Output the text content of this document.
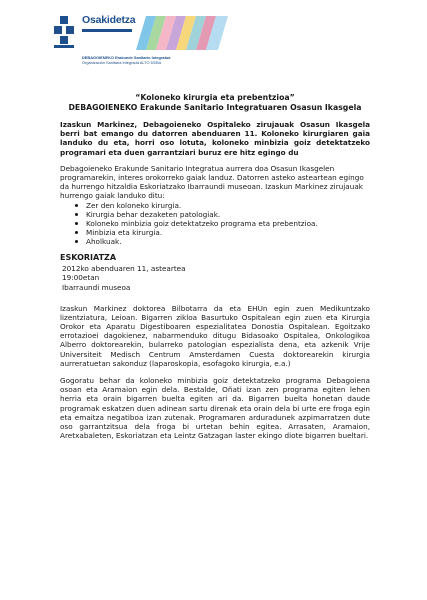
Osakidetza
DEBAGOIENEKO Erakunde Sanitario Integratua
Organización Sanitaria Integrada ALTO DEBA
“Koloneko kirurgia eta prebentzioa”
DEBAGOIENEKO Erakunde Sanitario Integratuaren Osasun Ikasgela
Izaskun Markinez, Debagoieneko Ospitaleko zirujauak Osasun Ikasgela berri bat emango du datorren abenduaren 11. Koloneko kirurgiaren gaia landuko du eta, horri oso lotuta, koloneko minbizia goiz detektatzeko programari eta duen garrantziari buruz ere hitz egingo du
Debagoieneko Erakunde Sanitario Integratua aurrera doa Osasun Ikasgelen programarekin, interes orokorreko gaiak landuz. Datorren asteko asteartean egingo da hurrengo hitzaldia Eskoriatzako Ibarraundi museoan. Izaskun Markinez zirujauak hurrengo gaiak landuko ditu:
Zer den koloneko kirurgia.
Kirurgia behar dezaketen patologiak.
Koloneko minbizia goiz detektatzeko programa eta prebentzioa.
Minbizia eta kirurgia.
Aholkuak.
ESKORIATZA
2012ko abenduaren 11, asteartea
19:00etan
Ibarraundi museoa
Izaskun Markinez doktorea Bilbotarra da eta EHUn egin zuen Medikuntzako lizentziatura, Leioan. Bigarren zikloa Basurtuko Ospitalean egin zuen eta Kirurgia Orokor eta Aparatu Digestiboaren espezialitatea Donostia Ospitalean. Egoitzako errotazioei dagokienez, nabarmenduko ditugu Bidasoako Ospitalea, Onkologikoa Alberro doktorearekin, bularreko patologian espezialista dena, eta azkenik Vrije Universiteit Medisch Centrum Amsterdamen Cuesta doktorearekin kirurgia aurreratuetan sakonduz (laparoskopia, esofagoko kirurgia, e.a.)
Gogoratu behar da koloneko minbizia goiz detektatzeko programa Debagoiena osoan eta Aramaion egin dela. Bestalde, Oñati izan zen programa egiten lehen herria eta orain bigarren buelta egiten ari da. Bigarren buelta honetan daude programak eskatzen duen adinean sartu direnak eta orain dela bi urte ere froga egin eta emaitza negatiboa izan zutenak. Programaren arduradunek azpimarratzen dute oso garrantzitsua dela froga bi urtetan behin egitea. Arrasaten, Aramaion, Aretxabaleten, Eskoriatzan eta Leintz Gatzagan laster ekingo diote bigarren bueltari.
